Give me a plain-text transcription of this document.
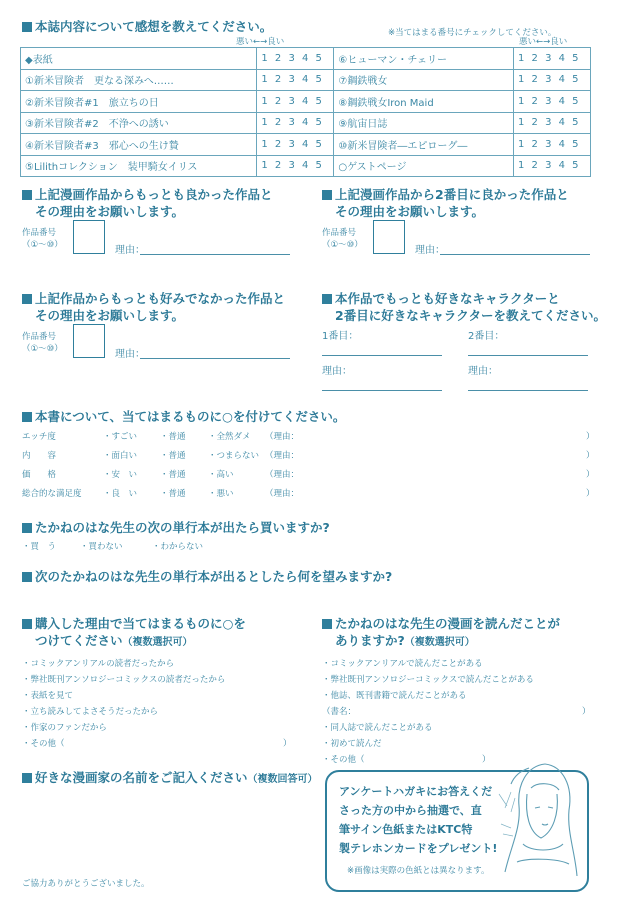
本誌内容について感想を教えてください。	※当てはまる番号にチェックしてください。
悪い←→良い	悪い←→良い
◆表紙	1 2 3 4 5	⑥ヒューマン・チェリー	1 2 3 4 5
①新米冒険者　更なる深みへ……	1 2 3 4 5	⑦鋼鉄戦女	1 2 3 4 5
②新米冒険者#1　旅立ちの日	1 2 3 4 5	⑧鋼鉄戦女Iron Maid	1 2 3 4 5
③新米冒険者#2　不浄への誘い	1 2 3 4 5	⑨航宙日誌	1 2 3 4 5
④新米冒険者#3　邪心への生け贄	1 2 3 4 5	⑩新米冒険者―エピローグ―	1 2 3 4 5
⑤Lilithコレクション　装甲騎女イリス	1 2 3 4 5	○ゲストページ	1 2 3 4 5
上記漫画作品からもっとも良かった作品と
その理由をお願いします。
作品番号
（①〜⑩）	理由：
上記漫画作品から2番目に良かった作品と
その理由をお願いします。
作品番号
（①〜⑩）	理由：
上記作品からもっとも好みでなかった作品と
その理由をお願いします。
作品番号
（①〜⑩）	理由：
本作品でもっとも好きなキャラクターと
2番目に好きなキャラクターを教えてください。
1番目：	2番目：
理由：	理由：
本書について、当てはまるものに○を付けてください。
エッチ度	・すごい	・普通	・全然ダメ （理由：	）
内　　容	・面白い	・普通	・つまらない （理由：	）
価　　格	・安　い	・普通	・高い	（理由：	）
総合的な満足度	・良　い	・普通	・悪い	（理由：	）
たかねのはな先生の次の単行本が出たら買いますか?
・買　う	・買わない	・わからない
次のたかねのはな先生の単行本が出るとしたら何を望みますか?
購入した理由で当てはまるものに○を
つけてください（複数選択可）
・コミックアンリアルの読者だったから
・弊社既刊アンソロジーコミックスの読者だったから
・表紙を見て
・立ち読みしてよさそうだったから
・作家のファンだから
・その他（	）
たかねのはな先生の漫画を読んだことが
ありますか?（複数選択可）
・コミックアンリアルで読んだことがある
・弊社既刊アンソロジーコミックスで読んだことがある
・他誌、既刊書籍で読んだことがある
（書名：	）
・同人誌で読んだことがある
・初めて読んだ
・その他（	）
好きな漫画家の名前をご記入ください（複数回答可）
アンケートハガキにお答えくだ
さった方の中から抽選で、直
筆サイン色紙またはKTC特
製テレホンカードをプレゼント!
※画像は実際の色紙とは異なります。
ご協力ありがとうございました。
